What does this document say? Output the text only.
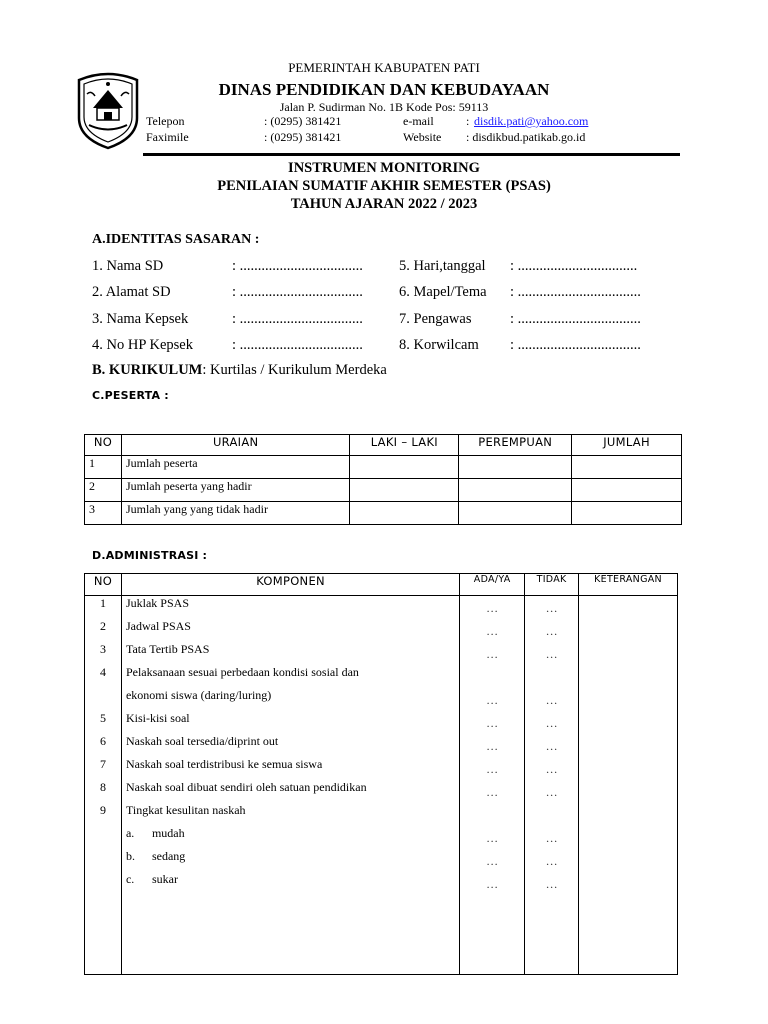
PEMERINTAH KABUPATEN PATI
DINAS PENDIDIKAN DAN KEBUDAYAAN
Jalan P. Sudirman No. 1B Kode Pos: 59113
Telepon	: (0295) 381421	e-mail	: disdik.pati@yahoo.com
Faximile	: (0295) 381421	Website : disdikbud.patikab.go.id
INSTRUMEN MONITORING
PENILAIAN SUMATIF AKHIR SEMESTER (PSAS)
TAHUN AJARAN 2022 / 2023
A.IDENTITAS SASARAN :
1. Nama SD	: .................................. 5. Hari,tanggal : .................................
2. Alamat SD	: .................................. 6. Mapel/Tema : ..................................
3. Nama Kepsek	: .................................. 7. Pengawas	: ..................................
4. No HP Kepsek	: .................................. 8. Korwilcam : ..................................
B. KURIKULUM: Kurtilas / Kurikulum Merdeka
C.PESERTA :
NO	URAIAN	LAKI – LAKI	PEREMPUAN	JUMLAH
1	Jumlah peserta			
2	Jumlah peserta yang hadir			
3	Jumlah yang yang tidak hadir			
D.ADMINISTRASI :
NO	KOMPONEN	ADA/YA	TIDAK	KETERANGAN
1	Juklak PSAS	…	…	
2	Jadwal PSAS	…	…	
3	Tata Tertib PSAS	…	…	
4	Pelaksanaan sesuai perbedaan kondisi sosial dan			
	ekonomi siswa (daring/luring)	…	…	
5	Kisi-kisi soal	…	…	
6	Naskah soal tersedia/diprint out	…	…	
7	Naskah soal terdistribusi ke semua siswa	…	…	
8	Naskah soal dibuat sendiri oleh satuan pendidikan	…	…	
9	Tingkat kesulitan naskah			
	a. mudah	…	…	
	b. sedang	…	…	
	c. sukar	…	…	
